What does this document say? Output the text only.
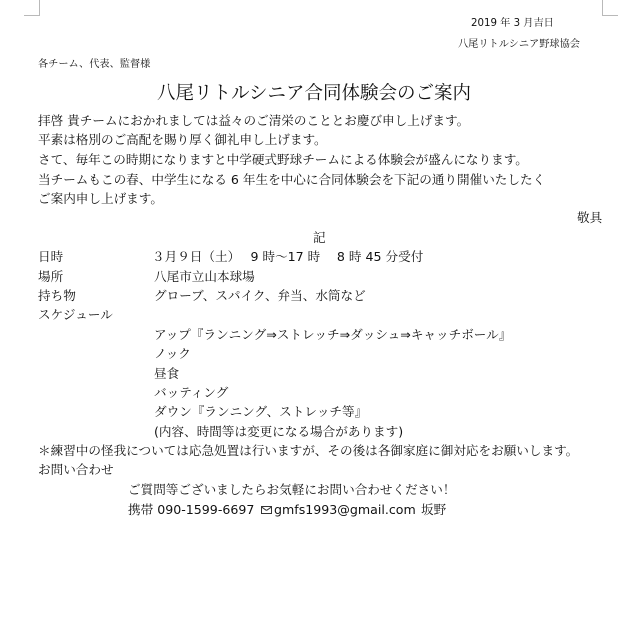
2019 年 3 月吉日
八尾リトルシニア野球協会
各チーム、代表、監督様
八尾リトルシニア合同体験会のご案内
拝啓 貴チームにおかれましては益々のご清栄のこととお慶び申し上げます。
平素は格別のご高配を賜り厚く御礼申し上げます。
さて、毎年この時期になりますと中学硬式野球チームによる体験会が盛んになります。
当チームもこの春、中学生になる 6 年生を中心に合同体験会を下記の通り開催いたしたく
ご案内申し上げます。
敬具
記
日時	３月９日（土）　 9 時～17 時　 8 時 45 分受付
場所	八尾市立山本球場
持ち物	グローブ、スパイク、弁当、水筒など
スケジュール
アップ『ランニング⇒ストレッチ⇒ダッシュ⇒キャッチボール』
ノック
昼食
バッティング
ダウン『ランニング、ストレッチ等』
(内容、時間等は変更になる場合があります)
＊練習中の怪我については応急処置は行いますが、その後は各御家庭に御対応をお願いします。
お問い合わせ
ご質問等ございましたらお気軽にお問い合わせください！
携帯 090-1599-6697	gmfs1993@gmail.com 坂野
